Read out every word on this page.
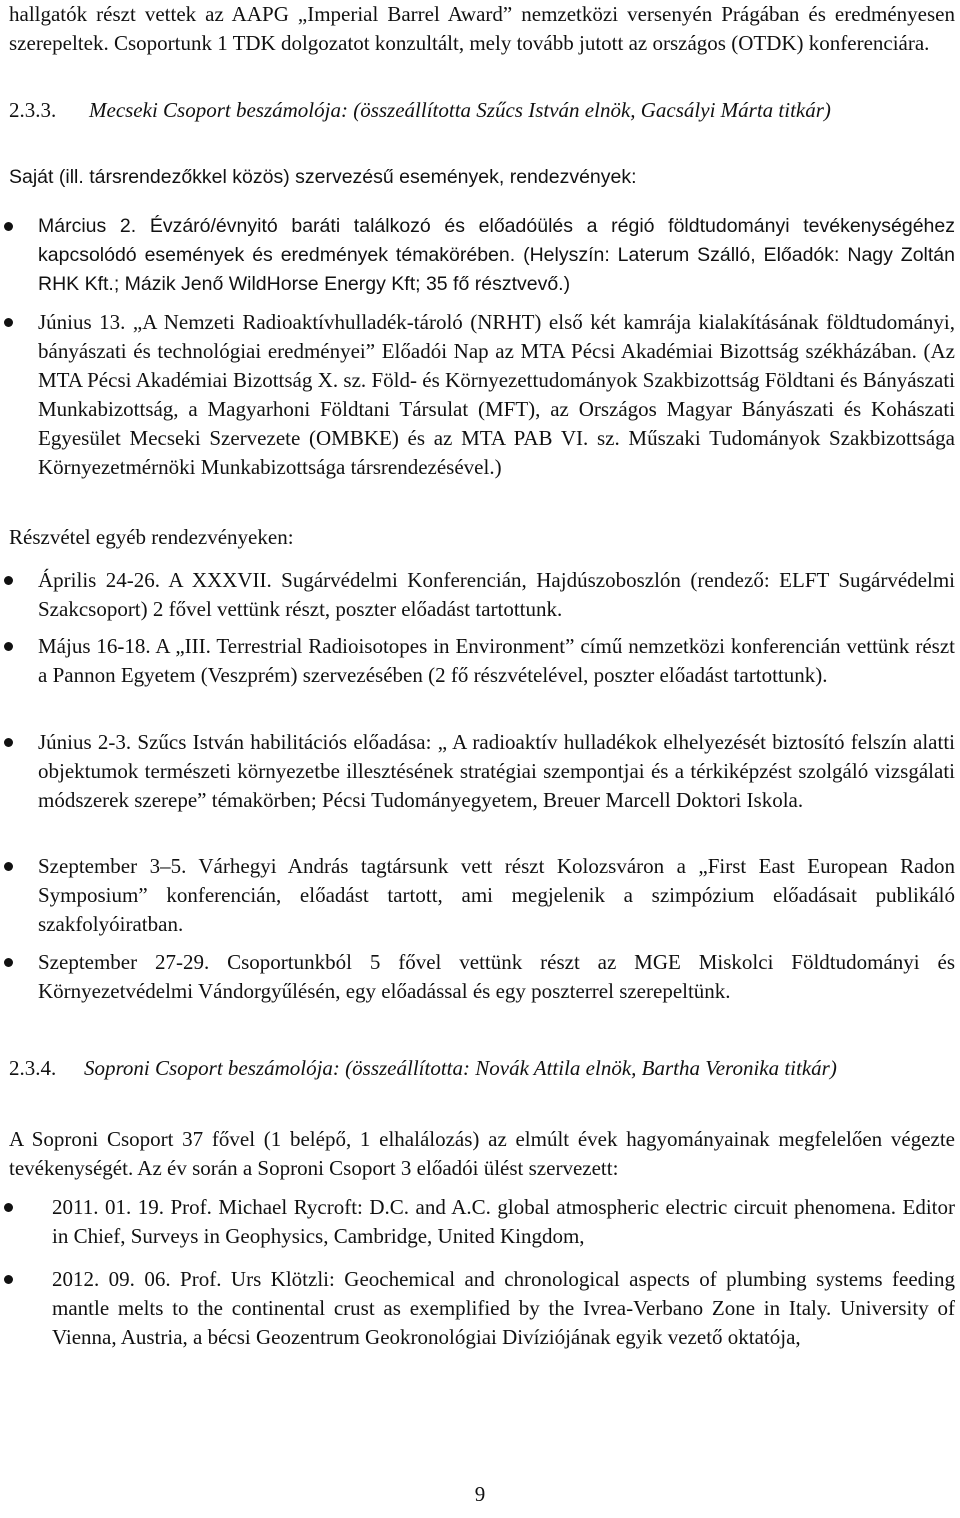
hallgatók részt vettek az AAPG „Imperial Barrel Award” nemzetközi versenyén Prágában és eredményesen szerepeltek. Csoportunk 1 TDK dolgozatot konzultált, mely tovább jutott az országos (OTDK) konferenciára.

2.3.3. Mecseki Csoport beszámolója: (összeállította Szűcs István elnök, Gacsályi Márta titkár)

Saját (ill. társrendezőkkel közös) szervezésű események, rendezvények:

Március 2. Évzáró/évnyitó baráti találkozó és előadóülés a régió földtudományi tevékenységéhez kapcsolódó események és eredmények témakörében. (Helyszín: Laterum Szálló, Előadók: Nagy Zoltán RHK Kft.; Mázik Jenő WildHorse Energy Kft; 35 fő résztvevő.)

Június 13. „A Nemzeti Radioaktívhulladék-tároló (NRHT) első két kamrája kialakításának földtudományi, bányászati és technológiai eredményei” Előadói Nap az MTA Pécsi Akadémiai Bizottság székházában. (Az MTA Pécsi Akadémiai Bizottság X. sz. Föld- és Környezettudományok Szakbizottság Földtani és Bányászati Munkabizottság, a Magyarhoni Földtani Társulat (MFT), az Országos Magyar Bányászati és Kohászati Egyesület Mecseki Szervezete (OMBKE) és az MTA PAB VI. sz. Műszaki Tudományok Szakbizottsága Környezetmérnöki Munkabizottsága társrendezésével.)

Részvétel egyéb rendezvényeken:

Április 24-26. A XXXVII. Sugárvédelmi Konferencián, Hajdúszoboszlón (rendező: ELFT Sugárvédelmi Szakcsoport) 2 fővel vettünk részt, poszter előadást tartottunk.

Május 16-18. A „III. Terrestrial Radioisotopes in Environment” című nemzetközi konferencián vettünk részt a Pannon Egyetem (Veszprém) szervezésében (2 fő részvételével, poszter előadást tartottunk).

Június 2-3. Szűcs István habilitációs előadása: „ A radioaktív hulladékok elhelyezését biztosító felszín alatti objektumok természeti környezetbe illesztésének stratégiai szempontjai és a térkiképzést szolgáló vizsgálati módszerek szerepe” témakörben; Pécsi Tudományegyetem, Breuer Marcell Doktori Iskola.

Szeptember 3–5. Várhegyi András tagtársunk vett részt Kolozsváron a „First East European Radon Symposium” konferencián, előadást tartott, ami megjelenik a szimpózium előadásait publikáló szakfolyóiratban.

Szeptember 27-29. Csoportunkból 5 fővel vettünk részt az MGE Miskolci Földtudományi és Környezetvédelmi Vándorgyűlésén, egy előadással és egy poszterrel szerepeltünk.

2.3.4. Soproni Csoport beszámolója: (összeállította: Novák Attila elnök, Bartha Veronika titkár)

A Soproni Csoport 37 fővel (1 belépő, 1 elhalálozás) az elmúlt évek hagyományainak megfelelően végezte tevékenységét. Az év során a Soproni Csoport 3 előadói ülést szervezett:

2011. 01. 19. Prof. Michael Rycroft: D.C. and A.C. global atmospheric electric circuit phenomena. Editor in Chief, Surveys in Geophysics, Cambridge, United Kingdom,

2012. 09. 06. Prof. Urs Klötzli: Geochemical and chronological aspects of plumbing systems feeding mantle melts to the continental crust as exemplified by the Ivrea-Verbano Zone in Italy. University of Vienna, Austria, a bécsi Geozentrum Geokronológiai Divíziójának egyik vezető oktatója,

9
